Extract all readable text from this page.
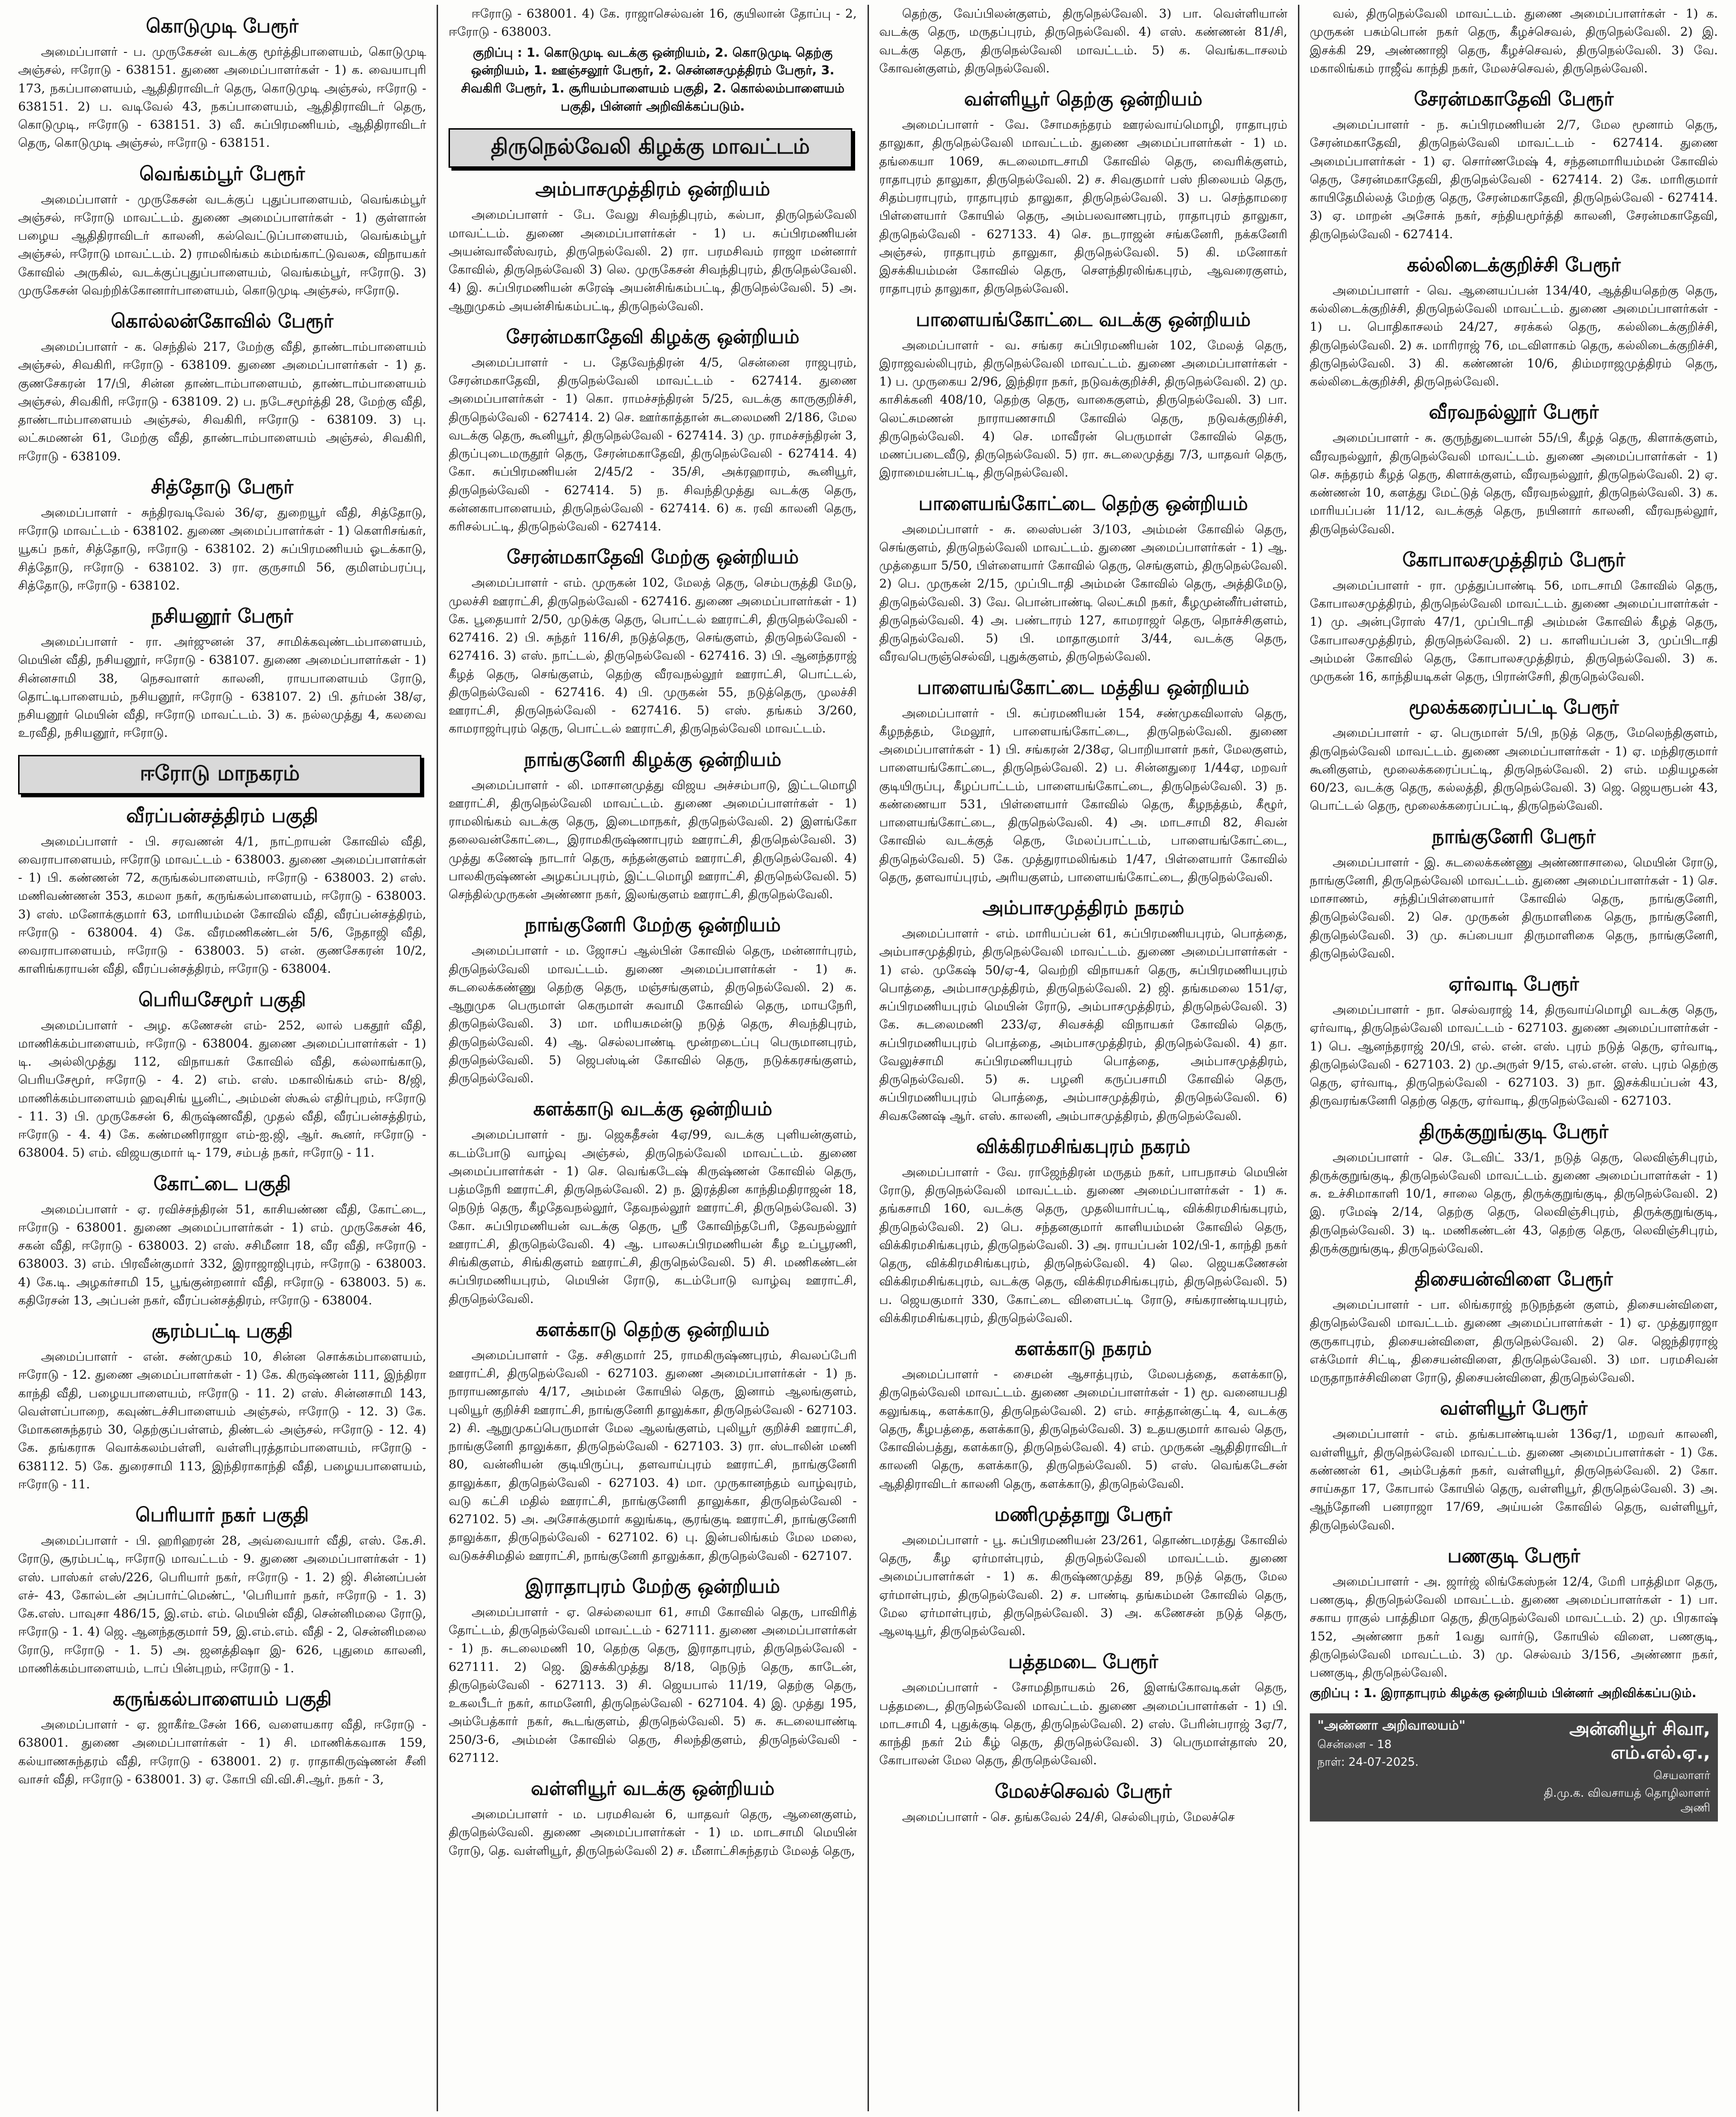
கொடுமுடி பேரூர்

அமைப்பாளர் - ப. முருகேசன் வடக்கு மூர்த்திபாளையம், கொடுமுடி அஞ்சல், ஈரோடு - 638151. துணை அமைப்பாளர்கள் - 1) க. வையாபுரி 173, நகப்பாளையம், ஆதிதிராவிடர் தெரு, கொடுமுடி அஞ்சல், ஈரோடு - 638151. 2) ப. வடிவேல் 43, நகப்பாளையம், ஆதிதிராவிடர் தெரு, கொடுமுடி, ஈரோடு - 638151. 3) வீ. சுப்பிரமணியம், ஆதிதிராவிடர் தெரு, கொடுமுடி அஞ்சல், ஈரோடு - 638151.

வெங்கம்பூர் பேரூர்

அமைப்பாளர் - முருகேசன் வடக்குப் புதுப்பாளையம், வெங்கம்பூர் அஞ்சல், ஈரோடு மாவட்டம். துணை அமைப்பாளர்கள் - 1) குள்ளான் பழைய ஆதிதிராவிடர் காலனி, கல்வெட்டுப்பாளையம், வெங்கம்பூர் அஞ்சல், ஈரோடு மாவட்டம். 2) ராமலிங்கம் கம்மங்காட்டுவலசு, விநாயகர் கோவில் அருகில், வடக்குப்புதுப்பாளையம், வெங்கம்பூர், ஈரோடு. 3) முருகேசன் வெற்றிக்கோனார்பாளையம், கொடுமுடி அஞ்சல், ஈரோடு.

கொல்லன்கோவில் பேரூர்

அமைப்பாளர் - க. செந்தில் 217, மேற்கு வீதி, தாண்டாம்பாளையம் அஞ்சல், சிவகிரி, ஈரோடு - 638109. துணை அமைப்பாளர்கள் - 1) த. குணசேகரன் 17/பி, சின்ன தாண்டாம்பாளையம், தாண்டாம்பாளையம் அஞ்சல், சிவகிரி, ஈரோடு - 638109. 2) ப. நடேசமூர்த்தி 28, மேற்கு வீதி, தாண்டாம்பாளையம் அஞ்சல், சிவகிரி, ஈரோடு - 638109. 3) பு. லட்சுமணன் 61, மேற்கு வீதி, தாண்டாம்பாளையம் அஞ்சல், சிவகிரி, ஈரோடு - 638109.

சித்தோடு பேரூர்

அமைப்பாளர் - சுந்திரவடிவேல் 36/ஏ, துறையூர் வீதி, சித்தோடு, ஈரோடு மாவட்டம் - 638102. துணை அமைப்பாளர்கள் - 1) கௌரிசங்கர், யூகப் நகர், சித்தோடு, ஈரோடு - 638102. 2) சுப்பிரமணியம் ஓடக்காடு, சித்தோடு, ஈரோடு - 638102. 3) ரா. குருசாமி 56, குமிளம்பரப்பு, சித்தோடு, ஈரோடு - 638102.

நசியனூர் பேரூர்

அமைப்பாளர் - ரா. அர்ஜுனன் 37, சாமிக்கவுண்டம்பாளையம், மெயின் வீதி, நசியனூர், ஈரோடு - 638107. துணை அமைப்பாளர்கள் - 1) சின்னசாமி 38, நெசவாளர் காலனி, ராயபாளையம் ரோடு, தொட்டிபாளையம், நசியனூர், ஈரோடு - 638107. 2) பி. தர்மன் 38/ஏ, நசியனூர் மெயின் வீதி, ஈரோடு மாவட்டம். 3) க. நல்லமுத்து 4, கலவை உரவீதி, நசியனூர், ஈரோடு.

ஈரோடு மாநகரம்
வீரப்பன்சத்திரம் பகுதி

அமைப்பாளர் - பி. சரவணன் 4/1, நாட்றாயன் கோவில் வீதி, வைராபாளையம், ஈரோடு மாவட்டம் - 638003. துணை அமைப்பாளர்கள் - 1) பி. கண்ணன் 72, கருங்கல்பாளையம், ஈரோடு - 638003. 2) எஸ். மணிவண்ணன் 353, கமலா நகர், கருங்கல்பாளையம், ஈரோடு - 638003. 3) எஸ். மனோக்குமார் 63, மாரியம்மன் கோவில் வீதி, வீரப்பன்சத்திரம், ஈரோடு - 638004. 4) கே. வீரமணிகண்டன் 5/6, நேதாஜி வீதி, வைராபாளையம், ஈரோடு - 638003. 5) என். குணசேகரன் 10/2, காளிங்கராயன் வீதி, வீரப்பன்சத்திரம், ஈரோடு - 638004.

பெரியசேமூர் பகுதி

அமைப்பாளர் - அழ. கணேசன் எம்- 252, லால் பகதூர் வீதி, மாணிக்கம்பாளையம், ஈரோடு - 638004. துணை அமைப்பாளர்கள் - 1) டி. அல்லிமுத்து 112, விநாயகர் கோவில் வீதி, கல்லாங்காடு, பெரியசேமூர், ஈரோடு - 4. 2) எம். எஸ். மகாலிங்கம் எம்- 8/ஜி, மாணிக்கம்பாளையம் ஹவுசிங் யூனிட், அம்மன் ஸ்கூல் எதிர்புறம், ஈரோடு - 11. 3) பி. முருகேசன் 6, கிருஷ்ணவீதி, முதல் வீதி, வீரப்பன்சத்திரம், ஈரோடு - 4. 4) கே. கண்மணிராஜா எம்-ஐ.ஜி, ஆர். கூனர், ஈரோடு - 638004. 5) எம். விஜயகுமார் டி- 179, சம்பத் நகர், ஈரோடு - 11.

கோட்டை பகுதி

அமைப்பாளர் - ஏ. ரவிச்சந்திரன் 51, காசியண்ண வீதி, கோட்டை, ஈரோடு - 638001. துணை அமைப்பாளர்கள் - 1) எம். முருகேசன் 46, சகன் வீதி, ஈரோடு - 638003. 2) எஸ். சசிமீனா 18, வீர வீதி, ஈரோடு - 638003. 3) எம். பிரவீன்குமார் 332, இராஜாஜிபுரம், ஈரோடு - 638003. 4) கே.டி. அழகர்சாமி 15, பூங்குன்றனார் வீதி, ஈரோடு - 638003. 5) க. கதிரேசன் 13, அப்பன் நகர், வீரப்பன்சத்திரம், ஈரோடு - 638004.

சூரம்பட்டி பகுதி

அமைப்பாளர் - என். சண்முகம் 10, சின்ன சொக்கம்பாளையம், ஈரோடு - 12. துணை அமைப்பாளர்கள் - 1) கே. கிருஷ்ணன் 111, இந்திரா காந்தி வீதி, பழையபாளையம், ஈரோடு - 11. 2) எஸ். சின்னசாமி 143, வெள்ளப்பாறை, கவுண்டச்சிபாளையம் அஞ்சல், ஈரோடு - 12. 3) கே. மோகனசுந்தரம் 30, தெற்குப்பள்ளம், திண்டல் அஞ்சல், ஈரோடு - 12. 4) கே. தங்கராசு வொக்கலம்பள்ளி, வள்ளிபுரத்தாம்பாளையம், ஈரோடு - 638112. 5) கே. துரைசாமி 113, இந்திராகாந்தி வீதி, பழையபாளையம், ஈரோடு - 11.

பெரியார் நகர் பகுதி

அமைப்பாளர் - பி. ஹரிஹரன் 28, அவ்வையார் வீதி, எஸ். கே.சி. ரோடு, சூரம்பட்டி, ஈரோடு மாவட்டம் - 9. துணை அமைப்பாளர்கள் - 1) எஸ். பாஸ்கர் எஸ்/226, பெரியார் நகர், ஈரோடு - 1. 2) ஜி. சின்னப்பன் எச்- 43, கோல்டன் அப்பார்ட்மெண்ட், 'பெரியார் நகர், ஈரோடு - 1. 3) கே.எஸ். பாவுசா 486/15, இ.எம். எம். மெயின் வீதி, சென்னிமலை ரோடு, ஈரோடு - 1. 4) ஜெ. ஆனந்தகுமார் 59, இ.எம்.எம். வீதி - 2, சென்னிமலை ரோடு, ஈரோடு - 1. 5) அ. ஜனத்திஷா இ- 626, புதுமை காலனி, மாணிக்கம்பாளையம், டாப் பின்புறம், ஈரோடு - 1.

கருங்கல்பாளையம் பகுதி

அமைப்பாளர் - ஏ. ஜாகீர்உசேன் 166, வளையகார வீதி, ஈரோடு - 638001. துணை அமைப்பாளர்கள் - 1) சி. மாணிக்கவாசு 159, கல்யாணசுந்தரம் வீதி, ஈரோடு - 638001. 2) ர. ராதாகிருஷ்ணன் சீனி வாசர் வீதி, ஈரோடு - 638001. 3) ஏ. கோபி வி.வி.சி.ஆர். நகர் - 3,

ஈரோடு - 638001. 4) கே. ராஜாசெல்வன் 16, குயிலான் தோப்பு - 2, ஈரோடு - 638003.

குறிப்பு : 1. கொடுமுடி வடக்கு ஒன்றியம், 2. கொடுமுடி தெற்கு ஒன்றியம், 1. ஊஞ்சலூர் பேரூர், 2. சென்னசமுத்திரம் பேரூர், 3. சிவகிரி பேரூர், 1. சூரியம்பாளையம் பகுதி, 2. கொல்லம்பாளையம் பகுதி, பின்னர் அறிவிக்கப்படும்.
திருநெல்வேலி கிழக்கு மாவட்டம்
அம்பாசமுத்திரம் ஒன்றியம்

அமைப்பாளர் - பே. வேலு சிவந்திபுரம், கல்பா, திருநெல்வேலி மாவட்டம். துணை அமைப்பாளர்கள் - 1) ப. சுப்பிரமணியன் அயன்வாலீஸ்வரம், திருநெல்வேலி. 2) ரா. பரமசிவம் ராஜா மன்னார் கோவில், திருநெல்வேலி 3) லெ. முருகேசன் சிவந்திபுரம், திருநெல்வேலி. 4) இ. சுப்பிரமணியன் சுரேஷ் அயன்சிங்கம்பட்டி, திருநெல்வேலி. 5) அ. ஆறுமுகம் அயன்சிங்கம்பட்டி, திருநெல்வேலி.

சேரன்மகாதேவி கிழக்கு ஒன்றியம்

அமைப்பாளர் - ப. தேவேந்திரன் 4/5, சென்னை ராஜபுரம், சேரன்மகாதேவி, திருநெல்வேலி மாவட்டம் - 627414. துணை அமைப்பாளர்கள் - 1) கொ. ராமச்சந்திரன் 5/25, வடக்கு காருகுறிச்சி, திருநெல்வேலி - 627414. 2) செ. ஊர்காத்தான் சுடலைமணி 2/186, மேல வடக்கு தெரு, கூனியூர், திருநெல்வேலி - 627414. 3) மு. ராமச்சந்திரன் 3, திருப்புடைமருதூர் தெரு, சேரன்மகாதேவி, திருநெல்வேலி - 627414. 4) கோ. சுப்பிரமணியன் 2/45/2 - 35/சி, அக்ரஹாரம், கூனியூர், திருநெல்வேலி - 627414. 5) ந. சிவந்திமுத்து வடக்கு தெரு, கன்னகாபாளையம், திருநெல்வேலி - 627414. 6) க. ரவி காலனி தெரு, கரிசல்பட்டி, திருநெல்வேலி - 627414.

சேரன்மகாதேவி மேற்கு ஒன்றியம்

அமைப்பாளர் - எம். முருகன் 102, மேலத் தெரு, செம்பருத்தி மேடு, முலச்சி ஊராட்சி, திருநெல்வேலி - 627416. துணை அமைப்பாளர்கள் - 1) கே. பூதையார் 2/50, முடுக்கு தெரு, பொட்டல் ஊராட்சி, திருநெல்வேலி - 627416. 2) பி. சுந்தர் 116/சி, நடுத்தெரு, செங்குளம், திருநெல்வேலி - 627416. 3) எஸ். நாட்டல், திருநெல்வேலி - 627416. 3) பி. ஆனந்தராஜ் கீழத் தெரு, செங்குளம், தெற்கு வீரவநல்லூர் ஊராட்சி, பொட்டல், திருநெல்வேலி - 627416. 4) பி. முருகன் 55, நடுத்தெரு, முலச்சி ஊராட்சி, திருநெல்வேலி - 627416. 5) எஸ். தங்கம் 3/260, காமராஜர்புரம் தெரு, பொட்டல் ஊராட்சி, திருநெல்வேலி மாவட்டம்.

நாங்குனேரி கிழக்கு ஒன்றியம்

அமைப்பாளர் - லி. மாசானமுத்து விஜய அச்சம்பாடு, இட்டமொழி ஊராட்சி, திருநெல்வேலி மாவட்டம். துணை அமைப்பாளர்கள் - 1) ராமலிங்கம் வடக்கு தெரு, இடைமாநகர், திருநெல்வேலி. 2) இளங்கோ தலைவன்கோட்டை, இராமகிருஷ்ணாபுரம் ஊராட்சி, திருநெல்வேலி. 3) முத்து கணேஷ் நாடார் தெரு, சுந்தன்குளம் ஊராட்சி, திருநெல்வேலி. 4) பாலகிருஷ்ணன் அழகப்பபுரம், இட்டமொழி ஊராட்சி, திருநெல்வேலி. 5) செந்தில்முருகன் அண்ணா நகர், இலங்குளம் ஊராட்சி, திருநெல்வேலி.

நாங்குனேரி மேற்கு ஒன்றியம்

அமைப்பாளர் - ம. ஜோசப் ஆல்பின் கோவில் தெரு, மன்னார்புரம், திருநெல்வேலி மாவட்டம். துணை அமைப்பாளர்கள் - 1) சு. சுடலைக்கண்ணு தெற்கு தெரு, மஞ்சங்குளம், திருநெல்வேலி. 2) க. ஆறுமுக பெருமாள் கெருமாள் சுவாமி கோவில் தெரு, மாயநேரி, திருநெல்வேலி. 3) மா. மரியசுமன்டு நடுத் தெரு, சிவந்திபுரம், திருநெல்வேலி. 4) ஆ. செல்லபாண்டி மூன்றடைப்பு பெருமானபுரம், திருநெல்வேலி. 5) ஜெபஸ்டின் கோவில் தெரு, நடுக்கரசங்குளம், திருநெல்வேலி.

களக்காடு வடக்கு ஒன்றியம்

அமைப்பாளர் - நு. ஜெகதீசன் 4ஏ/99, வடக்கு புளியன்குளம், கடம்போடு வாழ்வு அஞ்சல், திருநெல்வேலி மாவட்டம். துணை அமைப்பாளர்கள் - 1) செ. வெங்கடேஷ் கிருஷ்ணன் கோவில் தெரு, பத்மநேரி ஊராட்சி, திருநெல்வேலி. 2) ந. இரத்தின காந்திமதிராஜன் 18, நெடுந் தெரு, கீழதேவநல்லூர், தேவநல்லூர் ஊராட்சி, திருநெல்வேலி. 3) கோ. சுப்பிரமணியன் வடக்கு தெரு, ஸ்ரீ கோவிந்தபேரி, தேவநல்லூர் ஊராட்சி, திருநெல்வேலி. 4) ஆ. பாலசுப்பிரமணியன் கீழ உப்பூரணி, சிங்கிகுளம், சிங்கிகுளம் ஊராட்சி, திருநெல்வேலி. 5) சி. மணிகண்டன் சுப்பிரமணியபுரம், மெயின் ரோடு, கடம்போடு வாழ்வு ஊராட்சி, திருநெல்வேலி.

களக்காடு தெற்கு ஒன்றியம்

அமைப்பாளர் - தே. சசிகுமார் 25, ராமகிருஷ்ணபுரம், சிவலப்பேரி ஊராட்சி, திருநெல்வேலி - 627103. துணை அமைப்பாளர்கள் - 1) ந. நாராயணதாஸ் 4/17, அம்மன் கோயில் தெரு, இனாம் ஆலங்குளம், புலியூர் குறிச்சி ஊராட்சி, நாங்குனேரி தாலுக்கா, திருநெல்வேலி - 627103. 2) சி. ஆறுமுகப்பெருமாள் மேல ஆலங்குளம், புலியூர் குறிச்சி ஊராட்சி, நாங்குனேரி தாலுக்கா, திருநெல்வேலி - 627103. 3) ரா. ஸ்டாலின் மணி 80, வன்னியன் குடியிருப்பு, தளவாய்புரம் ஊராட்சி, நாங்குனேரி தாலுக்கா, திருநெல்வேலி - 627103. 4) மா. முருகானந்தம் வாழ்வுரம், வடு கட்சி மதில் ஊராட்சி, நாங்குனேரி தாலுக்கா, திருநெல்வேலி - 627102. 5) அ. அசோக்குமார் கலுங்கடி, சூரங்குடி ஊராட்சி, நாங்குனேரி தாலுக்கா, திருநெல்வேலி - 627102. 6) பு. இன்பலிங்கம் மேல மலை, வடுகச்சிமதில் ஊராட்சி, நாங்குனேரி தாலுக்கா, திருநெல்வேலி - 627107.

இராதாபுரம் மேற்கு ஒன்றியம்

அமைப்பாளர் - ஏ. செல்லையா 61, சாமி கோவில் தெரு, பாவிரித் தோட்டம், திருநெல்வேலி மாவட்டம் - 627111. துணை அமைப்பாளர்கள் - 1) ந. சுடலைமணி 10, தெற்கு தெரு, இராதாபுரம், திருநெல்வேலி - 627111. 2) ஜெ. இசக்கிமுத்து 8/18, நெடுந் தெரு, காடேன், திருநெல்வேலி - 627113. 3) சி. ஜெயபால் 11/19, தெற்கு தெரு, உகலபீடர் நகர், காமனேரி, திருநெல்வேலி - 627104. 4) இ. முத்து 195, அம்பேத்கார் நகர், கூடங்குளம், திருநெல்வேலி. 5) சு. சுடலையாண்டி 250/3-6, அம்மன் கோவில் தெரு, சிலந்திகுளம், திருநெல்வேலி - 627112.

வள்ளியூர் வடக்கு ஒன்றியம்

அமைப்பாளர் - ம. பரமசிவன் 6, யாதவர் தெரு, ஆனைகுளம், திருநெல்வேலி. துணை அமைப்பாளர்கள் - 1) ம. மாடசாமி மெயின் ரோடு, தெ. வள்ளியூர், திருநெல்வேலி 2) ச. மீனாட்சிசுந்தரம் மேலத் தெரு,

தெற்கு, வேப்பிலன்குளம், திருநெல்வேலி. 3) பா. வெள்ளியான் வடக்கு தெரு, மருதப்புரம், திருநெல்வேலி. 4) எஸ். கண்ணன் 81/சி, வடக்கு தெரு, திருநெல்வேலி மாவட்டம். 5) க. வெங்கடாசலம் கோவன்குளம், திருநெல்வேலி.

வள்ளியூர் தெற்கு ஒன்றியம்

அமைப்பாளர் - வே. சோமசுந்தரம் ஊரல்வாய்மொழி, ராதாபுரம் தாலுகா, திருநெல்வேலி மாவட்டம். துணை அமைப்பாளர்கள் - 1) ம. தங்கையா 1069, சுடலைமாடசாமி கோவில் தெரு, வைரிக்குளம், ராதாபுரம் தாலுகா, திருநெல்வேலி. 2) ச. சிவகுமார் பஸ் நிலையம் தெரு, சிதம்பராபுரம், ராதாபுரம் தாலுகா, திருநெல்வேலி. 3) ப. செந்தாமரை பிள்ளையார் கோயில் தெரு, அம்பலவாணபுரம், ராதாபுரம் தாலுகா, திருநெல்வேலி - 627133. 4) செ. நடராஜன் சங்கனேரி, நக்கனேரி அஞ்சல், ராதாபுரம் தாலுகா, திருநெல்வேலி. 5) கி. மனோகர் இசக்கியம்மன் கோவில் தெரு, சௌந்திரலிங்கபுரம், ஆவரைகுளம், ராதாபுரம் தாலுகா, திருநெல்வேலி.

பாளையங்கோட்டை வடக்கு ஒன்றியம்

அமைப்பாளர் - வ. சங்கர சுப்பிரமணியன் 102, மேலத் தெரு, இராஜவல்லிபுரம், திருநெல்வேலி மாவட்டம். துணை அமைப்பாளர்கள் - 1) ப. முருகைய 2/96, இந்திரா நகர், நடுவக்குறிச்சி, திருநெல்வேலி. 2) மு. காசிக்கனி 408/10, தெற்கு தெரு, வாகைகுளம், திருநெல்வேலி. 3) பா. லெட்சுமணன் நாராயணசாமி கோவில் தெரு, நடுவக்குறிச்சி, திருநெல்வேலி. 4) செ. மாவீரன் பெருமாள் கோவில் தெரு, மணப்படைவீடு, திருநெல்வேலி. 5) ரா. சுடலைமுத்து 7/3, யாதவர் தெரு, இராமையன்பட்டி, திருநெல்வேலி.

பாளையங்கோட்டை தெற்கு ஒன்றியம்

அமைப்பாளர் - சு. லைஸ்பன் 3/103, அம்மன் கோவில் தெரு, செங்குளம், திருநெல்வேலி மாவட்டம். துணை அமைப்பாளர்கள் - 1) ஆ. முத்தையா 5/50, பிள்ளையார் கோவில் தெரு, செங்குளம், திருநெல்வேலி. 2) பெ. முருகன் 2/15, முப்பிடாதி அம்மன் கோவில் தெரு, அத்திமேடு, திருநெல்வேலி. 3) வே. பொன்பாண்டி லெட்சுமி நகர், கீழமுன்னீர்பள்ளம், திருநெல்வேலி. 4) அ. பண்டாரம் 127, காமராஜர் தெரு, நொச்சிகுளம், திருநெல்வேலி. 5) பி. மாதாகுமார் 3/44, வடக்கு தெரு, வீரவபெருஞ்செல்வி, புதுக்குளம், திருநெல்வேலி.

பாளையங்கோட்டை மத்திய ஒன்றியம்

அமைப்பாளர் - பி. சுப்ரமணியன் 154, சண்முகவிலாஸ் தெரு, கீழநத்தம், மேலூர், பாளையங்கோட்டை, திருநெல்வேலி. துணை அமைப்பாளர்கள் - 1) பி. சங்கரன் 2/38ஏ, பொறியாளர் நகர், மேலகுளம், பாளையங்கோட்டை, திருநெல்வேலி. 2) ப. சின்னதுரை 1/44ஏ, மறவர் குடியிருப்பு, கீழப்பாட்டம், பாளையங்கோட்டை, திருநெல்வேலி. 3) ந. கண்ணையா 531, பிள்ளையார் கோவில் தெரு, கீழநத்தம், கீழூர், பாளையங்கோட்டை, திருநெல்வேலி. 4) அ. மாடசாமி 82, சிவன் கோவில் வடக்குத் தெரு, மேலப்பாட்டம், பாளையங்கோட்டை, திருநெல்வேலி. 5) கே. முத்துராமலிங்கம் 1/47, பிள்ளையார் கோவில் தெரு, தளவாய்புரம், அரியகுளம், பாளையங்கோட்டை, திருநெல்வேலி.

அம்பாசமுத்திரம் நகரம்

அமைப்பாளர் - எம். மாரியப்பன் 61, சுப்பிரமணியபுரம், பொத்தை, அம்பாசமுத்திரம், திருநெல்வேலி மாவட்டம். துணை அமைப்பாளர்கள் - 1) எல். முகேஷ் 50/ஏ-4, வெற்றி விநாயகர் தெரு, சுப்பிரமணியபுரம் பொத்தை, அம்பாசமுத்திரம், திருநெல்வேலி. 2) ஜி. தங்கமலை 151/ஏ, சுப்பிரமணியபுரம் மெயின் ரோடு, அம்பாசமுத்திரம், திருநெல்வேலி. 3) கே. சுடலைமணி 233/ஏ, சிவசக்தி விநாயகர் கோவில் தெரு, சுப்பிரமணியபுரம் பொத்தை, அம்பாசமுத்திரம், திருநெல்வேலி. 4) தா. வேலுச்சாமி சுப்பிரமணியபுரம் பொத்தை, அம்பாசமுத்திரம், திருநெல்வேலி. 5) சு. பழனி கருப்பசாமி கோவில் தெரு, சுப்பிரமணியபுரம் பொத்தை, அம்பாசமுத்திரம், திருநெல்வேலி. 6) சிவகணேஷ் ஆர். எஸ். காலனி, அம்பாசமுத்திரம், திருநெல்வேலி.

விக்கிரமசிங்கபுரம் நகரம்

அமைப்பாளர் - வே. ராஜேந்திரன் மருதம் நகர், பாபநாசம் மெயின் ரோடு, திருநெல்வேலி மாவட்டம். துணை அமைப்பாளர்கள் - 1) சு. தங்கசாமி 160, வடக்கு தெரு, முதலியார்பட்டி, விக்கிரமசிங்கபுரம், திருநெல்வேலி. 2) பெ. சந்தனகுமார் காளியம்மன் கோவில் தெரு, விக்கிரமசிங்கபுரம், திருநெல்வேலி. 3) அ. ராயப்பன் 102/பி-1, காந்தி நகர் தெரு, விக்கிரமசிங்கபுரம், திருநெல்வேலி. 4) லெ. ஜெயகணேசன் விக்கிரமசிங்கபுரம், வடக்கு தெரு, விக்கிரமசிங்கபுரம், திருநெல்வேலி. 5) ப. ஜெயகுமார் 330, கோட்டை விளைபட்டி ரோடு, சங்கராண்டியபுரம், விக்கிரமசிங்கபுரம், திருநெல்வேலி.

களக்காடு நகரம்

அமைப்பாளர் - சைமன் ஆசாத்புரம், மேலபத்தை, களக்காடு, திருநெல்வேலி மாவட்டம். துணை அமைப்பாளர்கள் - 1) மூ. வனையபதி கலுங்கடி, களக்காடு, திருநெல்வேலி. 2) எம். சாத்தான்குட்டி 4, வடக்கு தெரு, கீழபத்தை, களக்காடு, திருநெல்வேலி. 3) உதயகுமார் காவல் தெரு, கோவில்பத்து, களக்காடு, திருநெல்வேலி. 4) எம். முருகன் ஆதிதிராவிடர் காலனி தெரு, களக்காடு, திருநெல்வேலி. 5) எஸ். வெங்கடேசன் ஆதிதிராவிடர் காலனி தெரு, களக்காடு, திருநெல்வேலி.

மணிமுத்தாறு பேரூர்

அமைப்பாளர் - பூ. சுப்பிரமணியன் 23/261, தொண்டமரத்து கோவில் தெரு, கீழ ஏர்மாள்புரம், திருநெல்வேலி மாவட்டம். துணை அமைப்பாளர்கள் - 1) க. கிருஷ்ணமுத்து 89, நடுத் தெரு, மேல ஏர்மாள்புரம், திருநெல்வேலி. 2) ச. பாண்டி தங்கம்மன் கோவில் தெரு, மேல ஏர்மாள்புரம், திருநெல்வேலி. 3) அ. கணேசன் நடுத் தெரு, ஆலடியூர், திருநெல்வேலி.

பத்தமடை பேரூர்

அமைப்பாளர் - சோமதிநாயகம் 26, இளங்கோவடிகள் தெரு, பத்தமடை, திருநெல்வேலி மாவட்டம். துணை அமைப்பாளர்கள் - 1) பி. மாடசாமி 4, புதுக்குடி தெரு, திருநெல்வேலி. 2) எஸ். பேரின்பராஜ் 3ஏ/7, காந்தி நகர் 2ம் கீழ் தெரு, திருநெல்வேலி. 3) பெருமாள்தாஸ் 20, கோபாலன் மேல தெரு, திருநெல்வேலி.

மேலச்செவல் பேரூர்

அமைப்பாளர் - செ. தங்கவேல் 24/சி, செல்லிபுரம், மேலச்செ

வல், திருநெல்வேலி மாவட்டம். துணை அமைப்பாளர்கள் - 1) க. முருகன் பசும்பொன் நகர் தெரு, கீழச்செவல், திருநெல்வேலி. 2) இ. இசக்கி 29, அண்ணாஜி தெரு, கீழச்செவல், திருநெல்வேலி. 3) வே. மகாலிங்கம் ராஜீவ் காந்தி நகர், மேலச்செவல், திருநெல்வேலி.

சேரன்மகாதேவி பேரூர்

அமைப்பாளர் - ந. சுப்பிரமணியன் 2/7, மேல மூனாம் தெரு, சேரன்மகாதேவி, திருநெல்வேலி மாவட்டம் - 627414. துணை அமைப்பாளர்கள் - 1) ஏ. சொர்ணமேஷ் 4, சந்தனமாரியம்மன் கோவில் தெரு, சேரன்மகாதேவி, திருநெல்வேலி - 627414. 2) கே. மாரிகுமார் காயிதேமில்லத் மேற்கு தெரு, சேரன்மகாதேவி, திருநெல்வேலி - 627414. 3) ஏ. மாறன் அசோக் நகர், சந்தியமூர்த்தி காலனி, சேரன்மகாதேவி, திருநெல்வேலி - 627414.

கல்லிடைக்குறிச்சி பேரூர்

அமைப்பாளர் - வெ. ஆனையப்பன் 134/40, ஆத்தியதெற்கு தெரு, கல்லிடைக்குறிச்சி, திருநெல்வேலி மாவட்டம். துணை அமைப்பாளர்கள் - 1) ப. பொதிகாசலம் 24/27, சரக்கல் தெரு, கல்லிடைக்குறிச்சி, திருநெல்வேலி. 2) சு. மாரிராஜ் 76, மடவிளாகம் தெரு, கல்லிடைக்குறிச்சி, திருநெல்வேலி. 3) கி. கண்ணன் 10/6, திம்மராஜமுத்திரம் தெரு, கல்லிடைக்குறிச்சி, திருநெல்வேலி.

வீரவநல்லூர் பேரூர்

அமைப்பாளர் - சு. குருந்துடையான் 55/பி, கீழத் தெரு, கிளாக்குளம், வீரவநல்லூர், திருநெல்வேலி மாவட்டம். துணை அமைப்பாளர்கள் - 1) செ. சுந்தரம் கீழத் தெரு, கிளாக்குளம், வீரவநல்லூர், திருநெல்வேலி. 2) ஏ. கண்ணன் 10, களத்து மேட்டுத் தெரு, வீரவநல்லூர், திருநெல்வேலி. 3) க. மாரியப்பன் 11/12, வடக்குத் தெரு, நயினார் காலனி, வீரவநல்லூர், திருநெல்வேலி.

கோபாலசமுத்திரம் பேரூர்

அமைப்பாளர் - ரா. முத்துப்பாண்டி 56, மாடசாமி கோவில் தெரு, கோபாலசமுத்திரம், திருநெல்வேலி மாவட்டம். துணை அமைப்பாளர்கள் - 1) மு. அன்புரோஸ் 47/1, முப்பிடாதி அம்மன் கோவில் கீழத் தெரு, கோபாலசமுத்திரம், திருநெல்வேலி. 2) ப. காளியப்பன் 3, முப்பிடாதி அம்மன் கோவில் தெரு, கோபாலசமுத்திரம், திருநெல்வேலி. 3) க. முருகன் 16, காந்தியடிகள் தெரு, பிரான்சேரி, திருநெல்வேலி.

மூலக்கரைப்பட்டி பேரூர்

அமைப்பாளர் - ஏ. பெருமாள் 5/பி, நடுத் தெரு, மேலெந்திகுளம், திருநெல்வேலி மாவட்டம். துணை அமைப்பாளர்கள் - 1) ஏ. மந்திரகுமார் கூனிகுளம், மூலைக்கரைப்பட்டி, திருநெல்வேலி. 2) எம். மதியழகன் 60/23, வடக்கு தெரு, கல்லத்தி, திருநெல்வேலி. 3) ஜெ. ஜெயரூபன் 43, பொட்டல் தெரு, மூலைக்கரைப்பட்டி, திருநெல்வேலி.

நாங்குனேரி பேரூர்

அமைப்பாளர் - இ. சுடலைக்கண்ணு அண்ணாசாலை, மெயின் ரோடு, நாங்குனேரி, திருநெல்வேலி மாவட்டம். துணை அமைப்பாளர்கள் - 1) செ. மாசாணம், சந்திப்பிள்ளையார் கோவில் தெரு, நாங்குனேரி, திருநெல்வேலி. 2) செ. முருகன் திருமாளிகை தெரு, நாங்குனேரி, திருநெல்வேலி. 3) மு. சுப்பையா திருமாளிகை தெரு, நாங்குனேரி, திருநெல்வேலி.

ஏர்வாடி பேரூர்

அமைப்பாளர் - நா. செல்வராஜ் 14, திருவாய்மொழி வடக்கு தெரு, ஏர்வாடி, திருநெல்வேலி மாவட்டம் - 627103. துணை அமைப்பாளர்கள் - 1) பெ. ஆனந்தராஜ் 20/பி, எல். என். எஸ். புரம் நடுத் தெரு, ஏர்வாடி, திருநெல்வேலி - 627103. 2) மு.அருள் 9/15, எல்.என். எஸ். புரம் தெற்கு தெரு, ஏர்வாடி, திருநெல்வேலி - 627103. 3) நா. இசக்கியப்பன் 43, திருவரங்கனேரி தெற்கு தெரு, ஏர்வாடி, திருநெல்வேலி - 627103.

திருக்குறுங்குடி பேரூர்

அமைப்பாளர் - செ. டேவிட் 33/1, நடுத் தெரு, லெவிஞ்சிபுரம், திருக்குறுங்குடி, திருநெல்வேலி மாவட்டம். துணை அமைப்பாளர்கள் - 1) சு. உச்சிமாகாளி 10/1, சாலை தெரு, திருக்குறுங்குடி, திருநெல்வேலி. 2) இ. ரமேஷ் 2/14, தெற்கு தெரு, லெவிஞ்சிபுரம், திருக்குறுங்குடி, திருநெல்வேலி. 3) டி. மணிகண்டன் 43, தெற்கு தெரு, லெவிஞ்சிபுரம், திருக்குறுங்குடி, திருநெல்வேலி.

திசையன்விளை பேரூர்

அமைப்பாளர் - பா. லிங்கராஜ் நடுநந்தன் குளம், திசையன்விளை, திருநெல்வேலி மாவட்டம். துணை அமைப்பாளர்கள் - 1) ஏ. முத்துராஜா குருகாபுரம், திசையன்விளை, திருநெல்வேலி. 2) செ. ஜெந்திரராஜ் எக்மோர் சிட்டி, திசையன்விளை, திருநெல்வேலி. 3) மா. பரமசிவன் மருதாநாச்சிவிளை ரோடு, திசையன்விளை, திருநெல்வேலி.

வள்ளியூர் பேரூர்

அமைப்பாளர் - எம். தங்கபாண்டியன் 136ஏ/1, மறவர் காலனி, வள்ளியூர், திருநெல்வேலி மாவட்டம். துணை அமைப்பாளர்கள் - 1) கே. கண்ணன் 61, அம்பேத்கர் நகர், வள்ளியூர், திருநெல்வேலி. 2) கோ. சாய்சுதா 17, கோபால் கோயில் தெரு, வள்ளியூர், திருநெல்வேலி. 3) அ. ஆந்தோனி பனராஜா 17/69, அய்யன் கோவில் தெரு, வள்ளியூர், திருநெல்வேலி.

பணகுடி பேரூர்

அமைப்பாளர் - அ. ஜார்ஜ் லிங்கேஸ்நன் 12/4, மேரி பாத்திமா தெரு, பணகுடி, திருநெல்வேலி மாவட்டம். துணை அமைப்பாளர்கள் - 1) பா. சகாய ராகுல் பாத்திமா தெரு, திருநெல்வேலி மாவட்டம். 2) மு. பிரகாஷ் 152, அண்ணா நகர் 1வது வார்டு, கோயில் விளை, பணகுடி, திருநெல்வேலி மாவட்டம். 3) மு. செல்வம் 3/156, அண்ணா நகர், பணகுடி, திருநெல்வேலி.

குறிப்பு : 1. இராதாபுரம் கிழக்கு ஒன்றியம் பின்னர் அறிவிக்கப்படும்.
"அண்ணா அறிவாலயம்"
சென்னை - 18
நாள்: 24-07-2025.
அன்னியூர் சிவா, எம்.எல்.ஏ.,
செயலாளர்
தி.மு.க. விவசாயத் தொழிலாளர் அணி
